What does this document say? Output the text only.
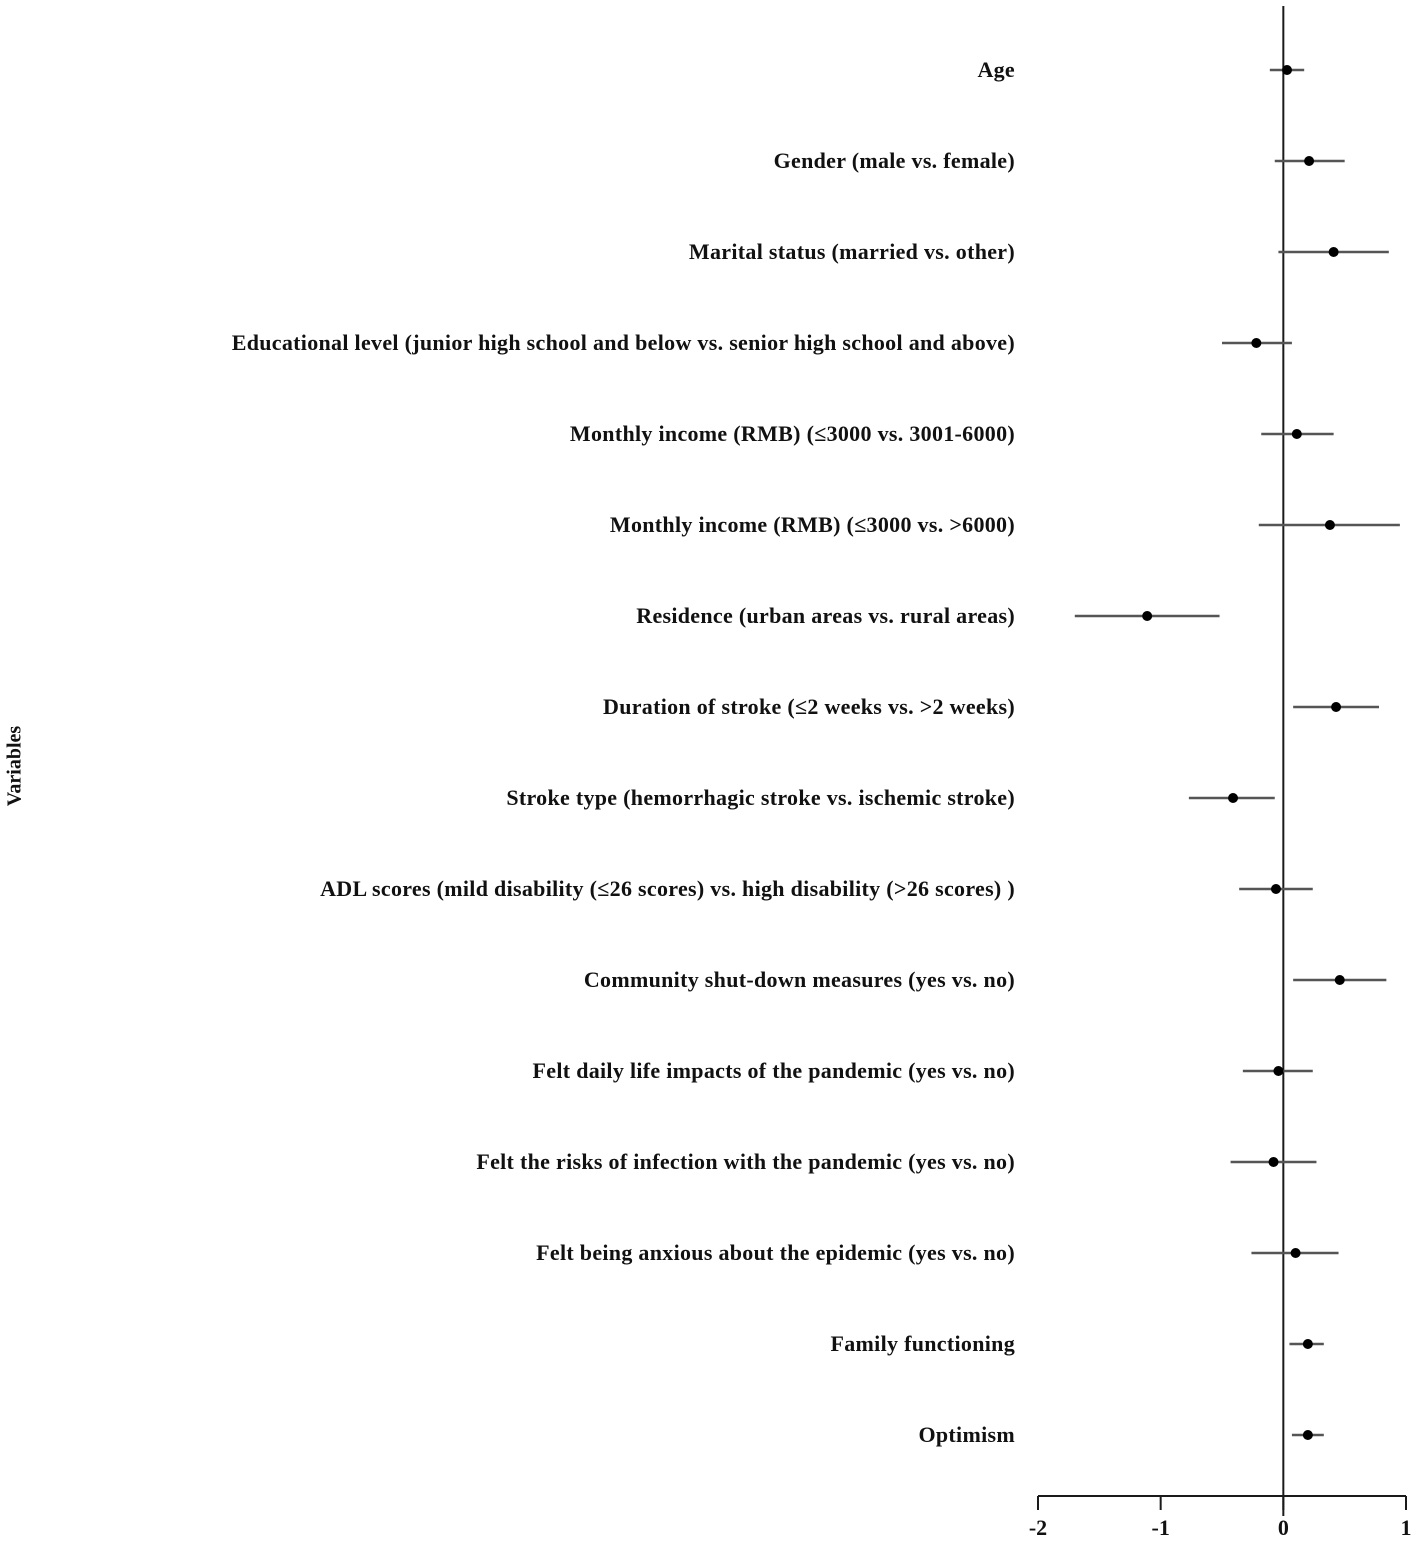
Age
Gender (male vs. female)
Marital status (married vs. other)
Educational level (junior high school and below vs. senior high school and above)
Monthly income (RMB) (≤3000 vs. 3001-6000)
Monthly income (RMB) (≤3000 vs. >6000)
Residence (urban areas vs. rural areas)
Duration of stroke (≤2 weeks vs. >2 weeks)
Stroke type (hemorrhagic stroke vs. ischemic stroke)
ADL scores (mild disability (≤26 scores) vs. high disability (>26 scores) )
Community shut-down measures (yes vs. no)
Felt daily life impacts of the pandemic (yes vs. no)
Felt the risks of infection with the pandemic (yes vs. no)
Felt being anxious about the epidemic (yes vs. no)
Family functioning
Optimism
Variables
-2	-1	0	1
